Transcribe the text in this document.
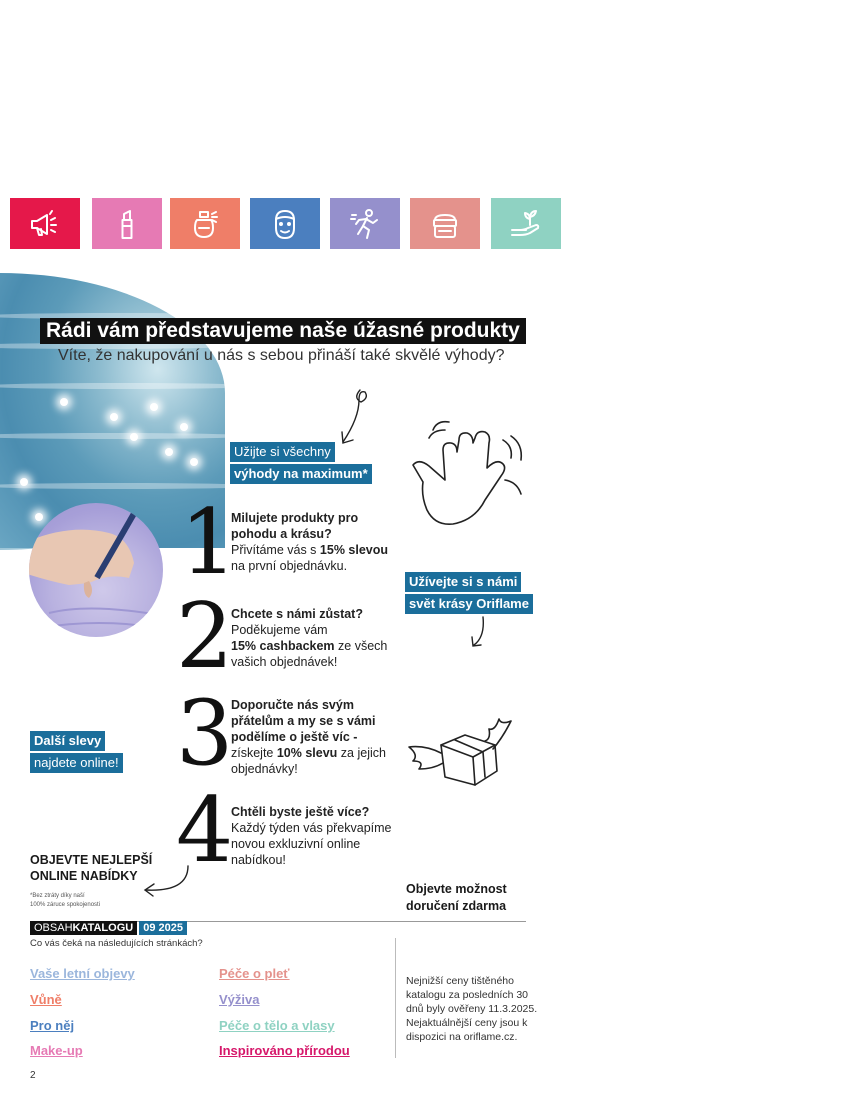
Rádi vám představujeme naše úžasné produkty
Víte, že nakupování u nás s sebou přináší také skvělé výhody?
Užijte si všechny
výhody na maximum*
1
Milujete produkty pro pohodu a krásu?
Přivítáme vás s 15% slevou na první objednávku.
Užívejte si s námi
svět krásy Oriflame
2
Chcete s námi zůstat?
Poděkujeme vám
15% cashbackem ze všech vašich objednávek!
Další slevy
najdete online! 3
Doporučte nás svým přátelům a my se s vámi podělíme o ještě víc -
získejte 10% slevu za jejich objednávky!
4
Chtěli byste ještě více?
Každý týden vás překvapíme novou exkluzivní online nabídkou!
OBJEVTE NEJLEPŠÍ
ONLINE NABÍDKY
*Bez ztráty díky naší
100% záruce spokojenosti
Objevte možnost
doručení zdarma
OBSAHKATALOGU 09 2025
Co vás čeká na následujících stránkách?
Vaše letní objevy
Vůně
Pro něj
Make-up
Péče o pleť
Výživa
Péče o tělo a vlasy
Inspirováno přírodou
Nejnižší ceny tištěného katalogu za posledních 30 dnů byly ověřeny 11.3.2025. Nejaktuálnější ceny jsou k dispozici na oriflame.cz.
2
